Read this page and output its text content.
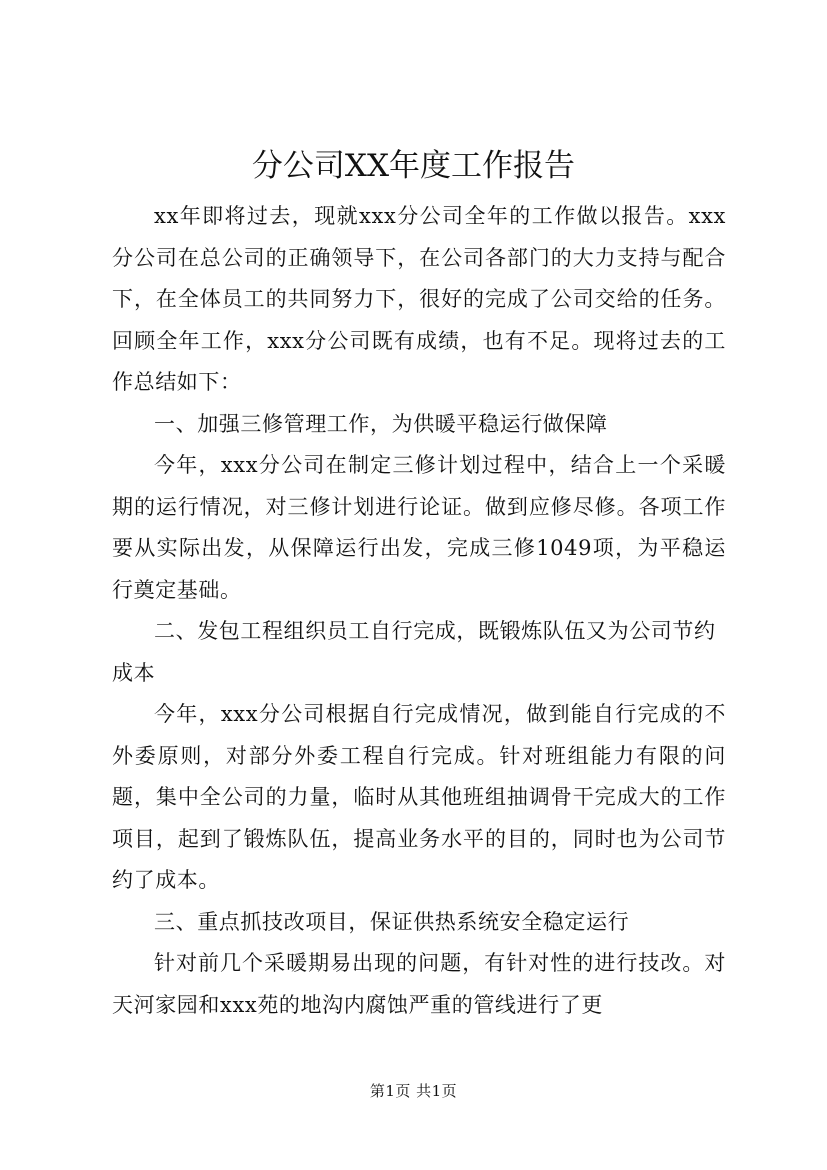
分公司XX年度工作报告

xx年即将过去，现就xxx分公司全年的工作做以报告。xxx分公司在总公司的正确领导下，在公司各部门的大力支持与配合下，在全体员工的共同努力下，很好的完成了公司交给的任务。回顾全年工作，xxx分公司既有成绩，也有不足。现将过去的工作总结如下：

一、加强三修管理工作，为供暖平稳运行做保障

今年，xxx分公司在制定三修计划过程中，结合上一个采暖期的运行情况，对三修计划进行论证。做到应修尽修。各项工作要从实际出发，从保障运行出发，完成三修1049项，为平稳运行奠定基础。

二、发包工程组织员工自行完成，既锻炼队伍又为公司节约成本

今年，xxx分公司根据自行完成情况，做到能自行完成的不外委原则，对部分外委工程自行完成。针对班组能力有限的问题，集中全公司的力量，临时从其他班组抽调骨干完成大的工作项目，起到了锻炼队伍，提高业务水平的目的，同时也为公司节约了成本。

三、重点抓技改项目，保证供热系统安全稳定运行

针对前几个采暖期易出现的问题，有针对性的进行技改。对天河家园和xxx苑的地沟内腐蚀严重的管线进行了更

第1页 共1页
